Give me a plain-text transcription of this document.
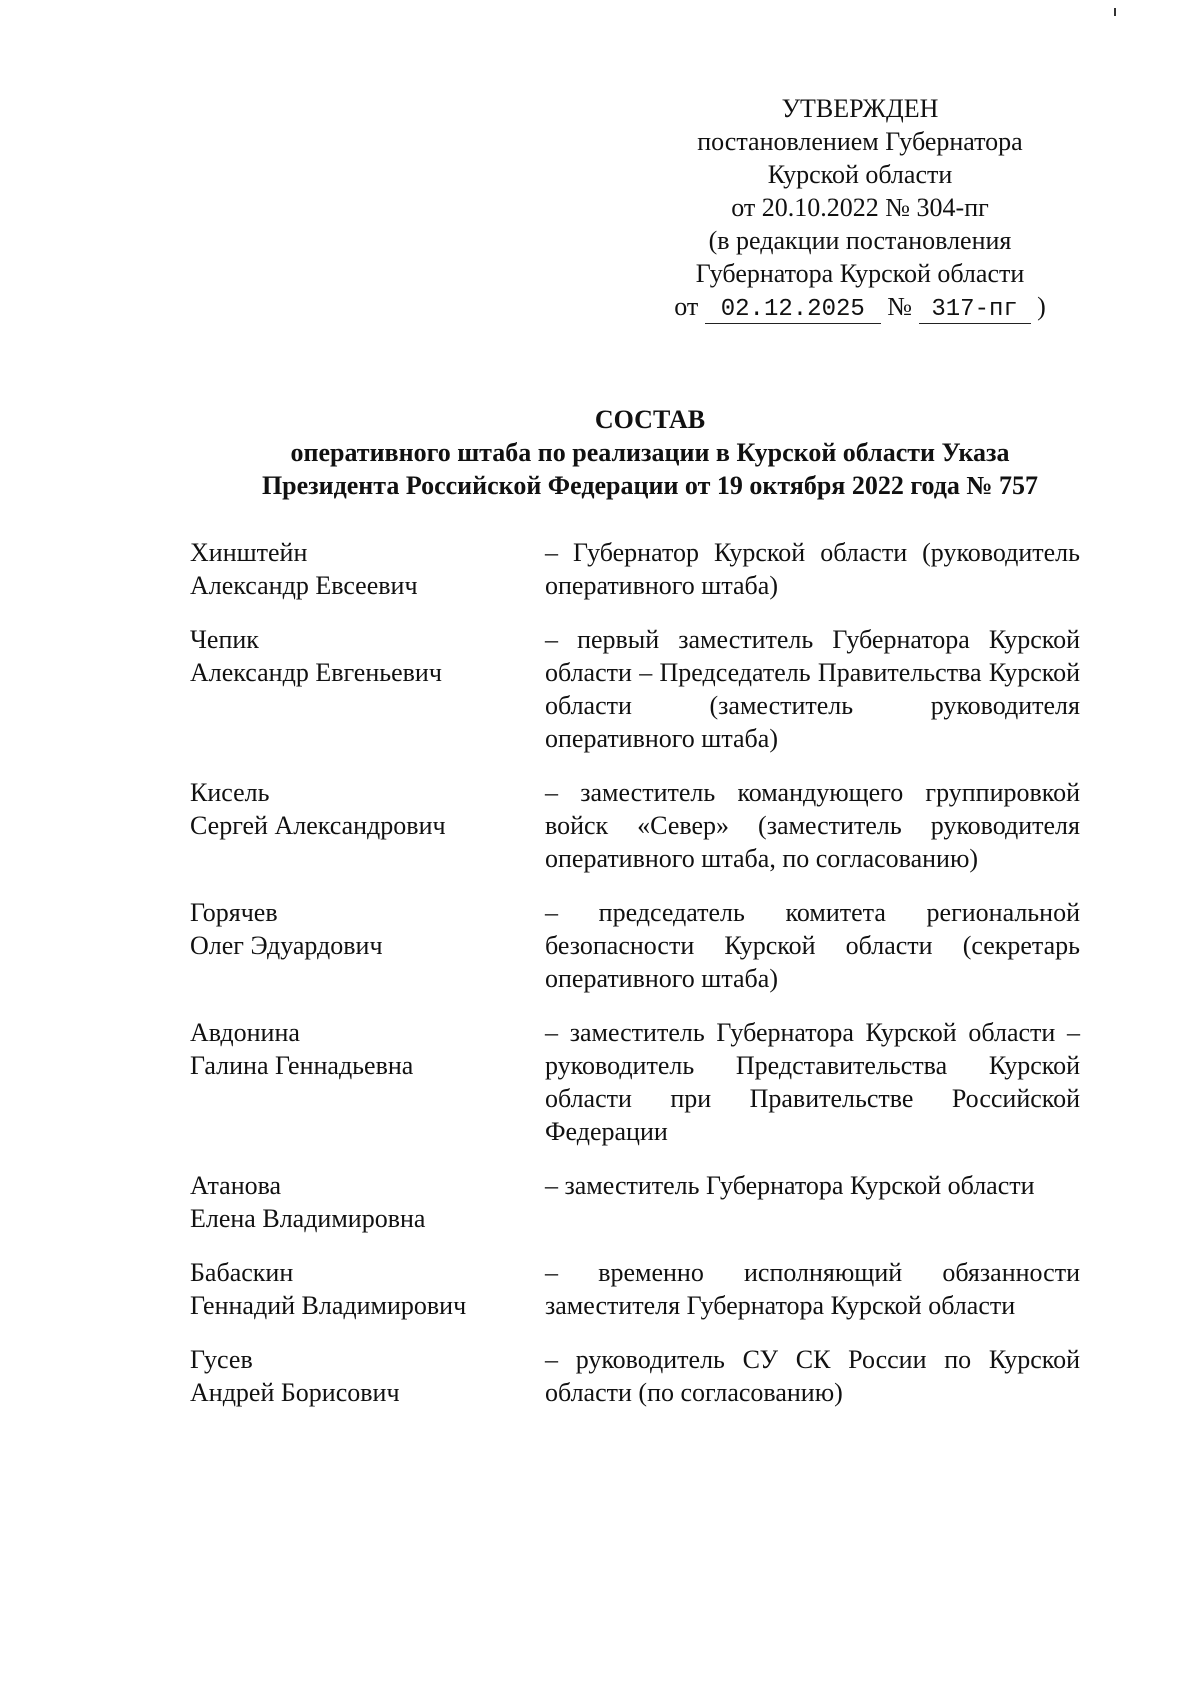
УТВЕРЖДЕН
постановлением Губернатора
Курской области
от 20.10.2022 № 304-пг
(в редакции постановления
Губернатора Курской области
от 02.12.2025 № 317-пг )
СОСТАВ
оперативного штаба по реализации в Курской области Указа
Президента Российской Федерации от 19 октября 2022 года № 757
Хинштейн
Александр Евсеевич
– Губернатор Курской области (руководитель оперативного штаба)
Чепик
Александр Евгеньевич
– первый заместитель Губернатора Курской области – Председатель Правительства Курской области (заместитель руководителя оперативного штаба)
Кисель
Сергей Александрович
– заместитель командующего группировкой войск «Север» (заместитель руководителя оперативного штаба, по согласованию)
Горячев
Олег Эдуардович
– председатель комитета региональной безопасности Курской области (секретарь оперативного штаба)
Авдонина
Галина Геннадьевна
– заместитель Губернатора Курской области – руководитель Представительства Курской области при Правительстве Российской Федерации
Атанова
Елена Владимировна
– заместитель Губернатора Курской области
Бабаскин
Геннадий Владимирович
– временно исполняющий обязанности заместителя Губернатора Курской области
Гусев
Андрей Борисович
– руководитель СУ СК России по Курской области (по согласованию)
